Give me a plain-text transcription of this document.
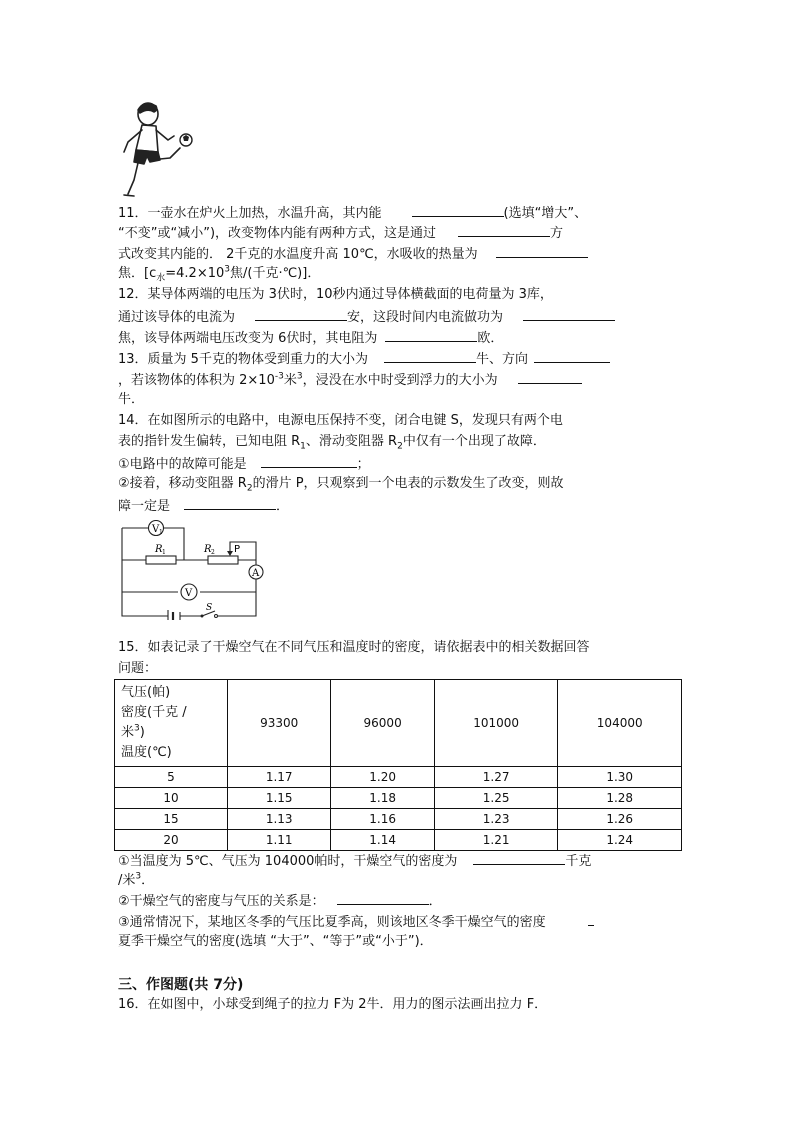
11．一壶水在炉火上加热，水温升高，其内能	(选填“增大”、
“不变”或“减小”)，改变物体内能有两种方式，这是通过	方
式改变其内能的． 2千克的水温度升高 10℃，水吸收的热量为
焦．[$c_水=4.2\times 10^3$焦/(千克·℃)]．
12．某导体两端的电压为 3伏时，10秒内通过导体横截面的电荷量为 3库，
通过该导体的电流为	安，这段时间内电流做功为
焦，该导体两端电压改变为 6伏时，其电阻为	欧．
13．质量为 5千克的物体受到重力的大小为	牛、方向
，若该物体的体积为 $2\times 10^{-3}$米$^3$，浸没在水中时受到浮力的大小为
牛．
14．在如图所示的电路中，电源电压保持不变，闭合电键 S，发现只有两个电
表的指针发生偏转，已知电阻 $R_1$、滑动变阻器 $R_2$中仅有一个出现了故障．
①电路中的故障可能是	；
②接着，移动变阻器 $R_2$的滑片 P，只观察到一个电表的示数发生了改变，则故
障一定是	．
V 1
R 1	R 2 P
A
V
S
15．如表记录了干燥空气在不同气压和温度时的密度，请依据表中的相关数据回答
问题：
气压(帕)
密度(千克 /
米$^3$)
温度(℃)	93300	96000	101000	104000
5	1.17	1.20	1.27	1.30
10	1.15	1.18	1.25	1.28
15	1.13	1.16	1.23	1.26
20	1.11	1.14	1.21	1.24
①当温度为 5℃、气压为 104000帕时，干燥空气的密度为	千克
/米$^3$．
②干燥空气的密度与气压的关系是：	．
③通常情况下，某地区冬季的气压比夏季高，则该地区冬季干燥空气的密度
夏季干燥空气的密度(选填 “大于”、“等于”或“小于”)．
三、作图题(共 7分)
16．在如图中，小球受到绳子的拉力 F为 2牛．用力的图示法画出拉力 F．
